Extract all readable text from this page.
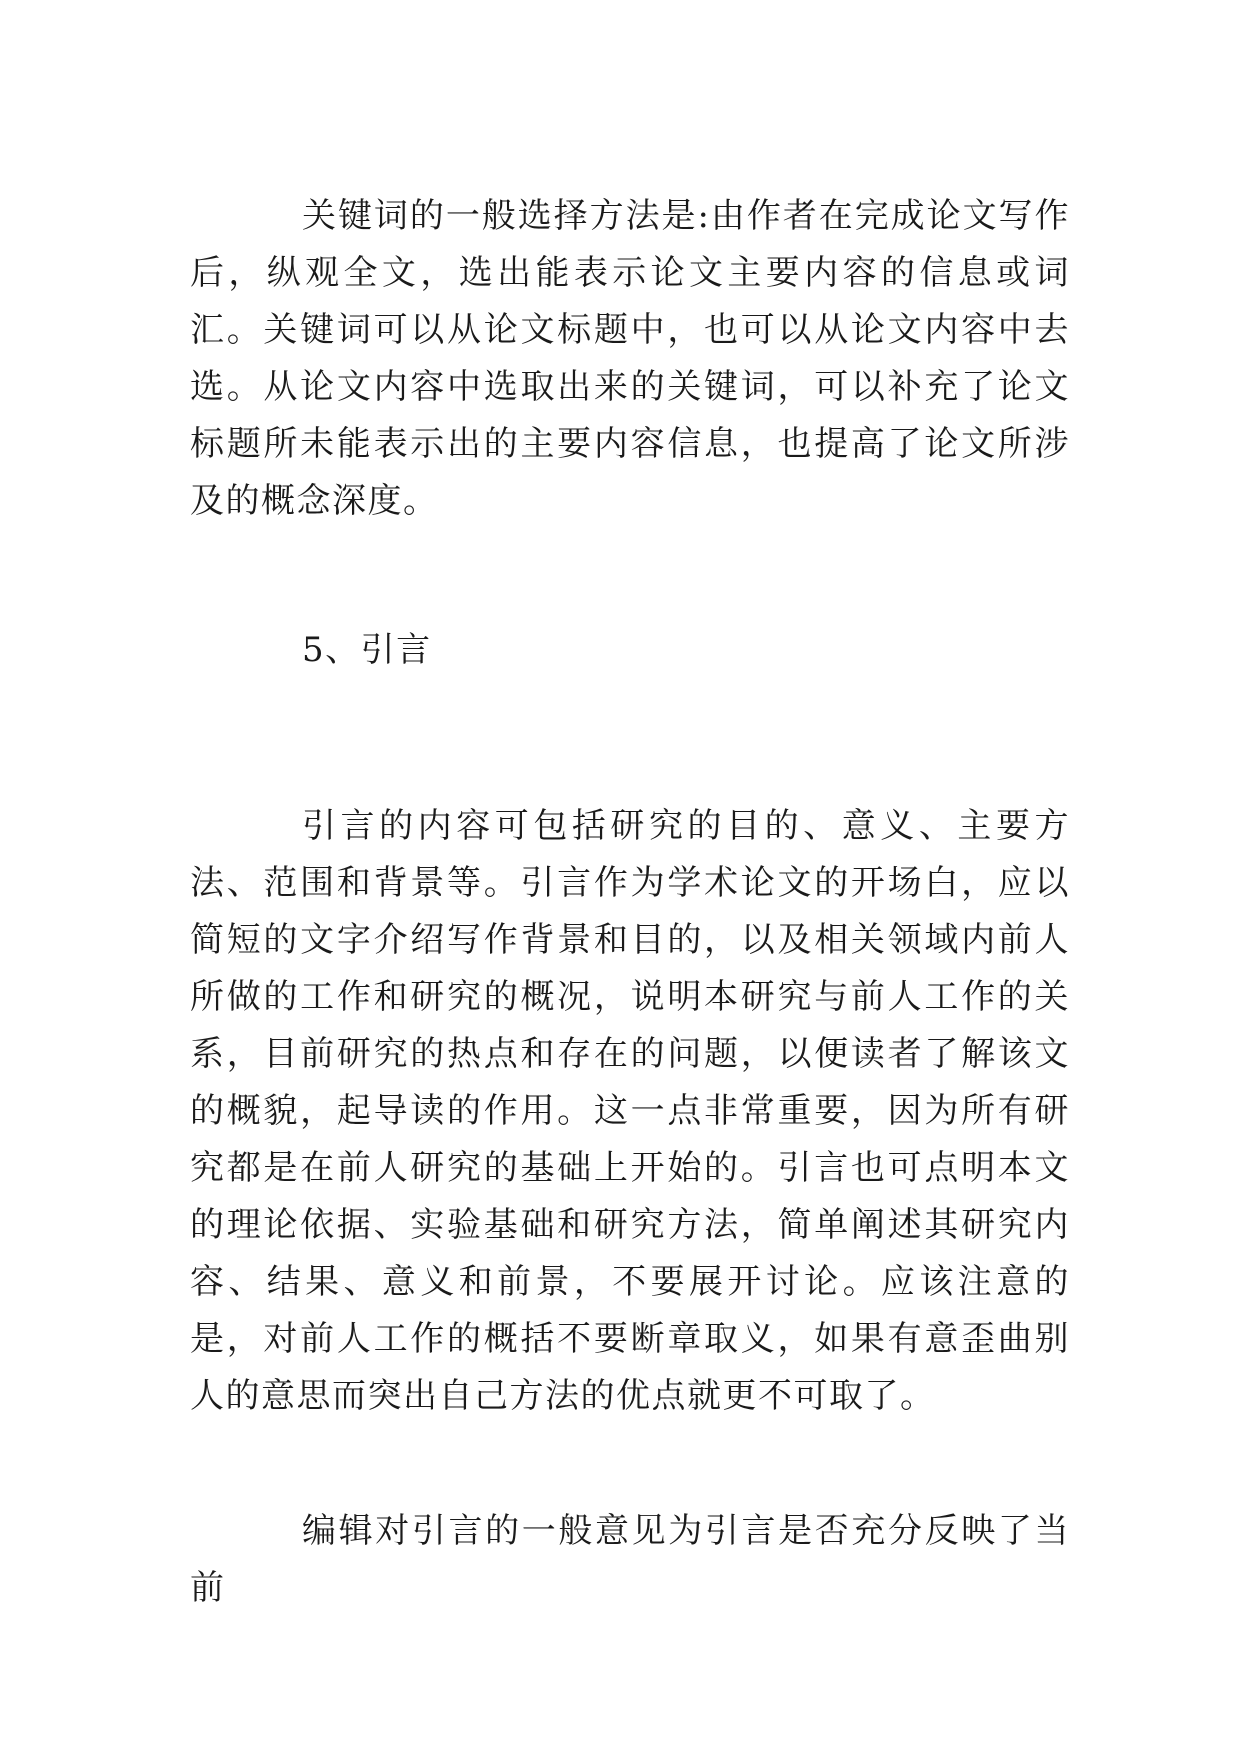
关键词的一般选择方法是:由作者在完成论文写作后，纵观全文，选出能表示论文主要内容的信息或词汇。关键词可以从论文标题中，也可以从论文内容中去选。从论文内容中选取出来的关键词，可以补充了论文标题所未能表示出的主要内容信息，也提高了论文所涉及的概念深度。

5、引言

引言的内容可包括研究的目的、意义、主要方法、范围和背景等。引言作为学术论文的开场白，应以简短的文字介绍写作背景和目的，以及相关领域内前人所做的工作和研究的概况，说明本研究与前人工作的关系，目前研究的热点和存在的问题，以便读者了解该文的概貌，起导读的作用。这一点非常重要，因为所有研究都是在前人研究的基础上开始的。引言也可点明本文的理论依据、实验基础和研究方法，简单阐述其研究内容、结果、意义和前景，不要展开讨论。应该注意的是，对前人工作的概括不要断章取义，如果有意歪曲别人的意思而突出自己方法的优点就更不可取了。

编辑对引言的一般意见为引言是否充分反映了当前
